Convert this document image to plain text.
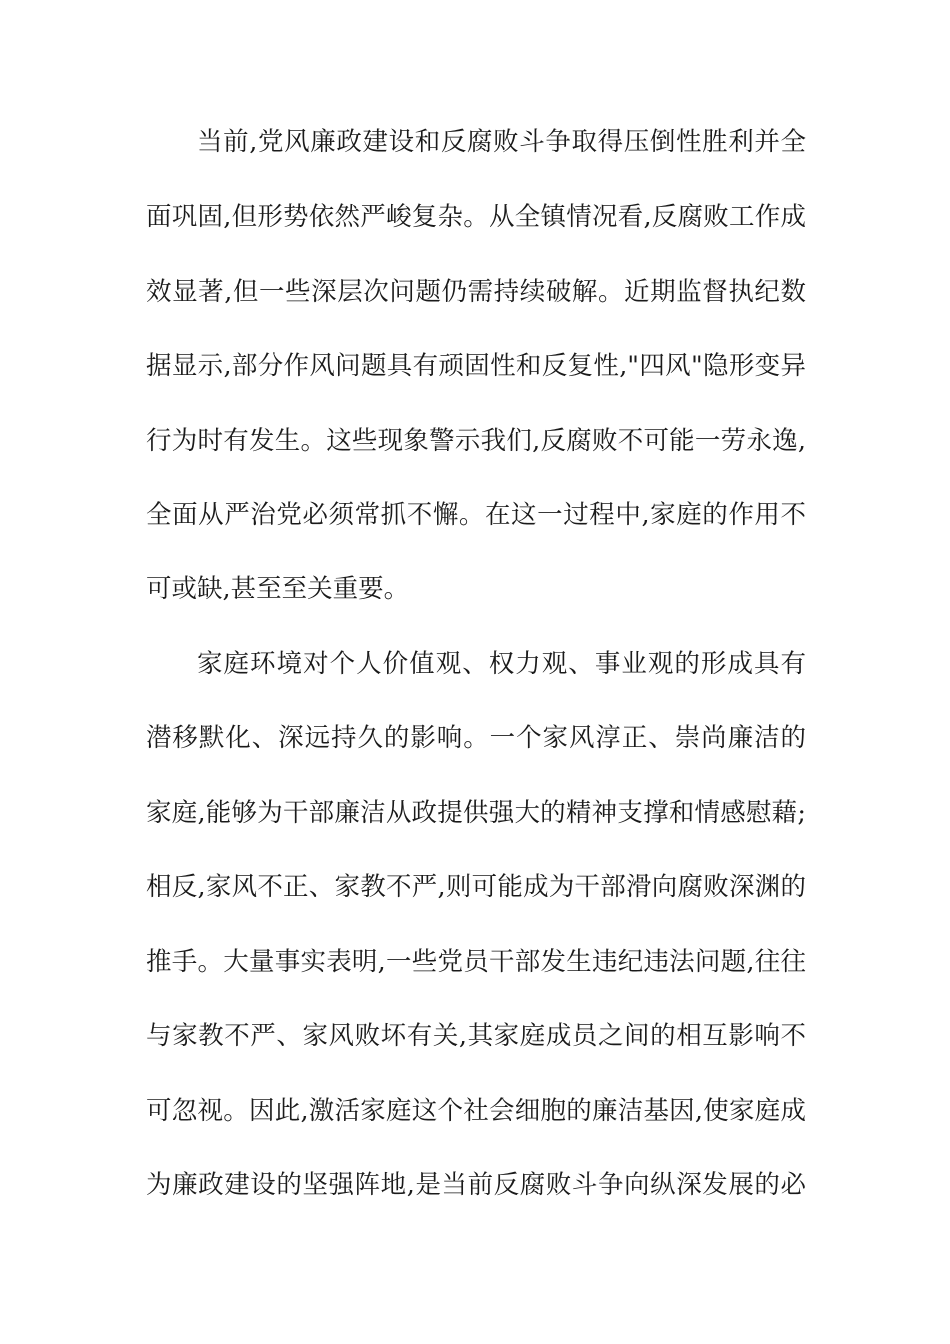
当前,党风廉政建设和反腐败斗争取得压倒性胜利并全
面巩固,但形势依然严峻复杂。从全镇情况看,反腐败工作成
效显著,但一些深层次问题仍需持续破解。近期监督执纪数
据显示,部分作风问题具有顽固性和反复性,"四风"隐形变异
行为时有发生。这些现象警示我们,反腐败不可能一劳永逸,
全面从严治党必须常抓不懈。在这一过程中,家庭的作用不
可或缺,甚至至关重要。
家庭环境对个人价值观、权力观、事业观的形成具有
潜移默化、深远持久的影响。一个家风淳正、崇尚廉洁的
家庭,能够为干部廉洁从政提供强大的精神支撑和情感慰藉;
相反,家风不正、家教不严,则可能成为干部滑向腐败深渊的
推手。大量事实表明,一些党员干部发生违纪违法问题,往往
与家教不严、家风败坏有关,其家庭成员之间的相互影响不
可忽视。因此,激活家庭这个社会细胞的廉洁基因,使家庭成
为廉政建设的坚强阵地,是当前反腐败斗争向纵深发展的必
